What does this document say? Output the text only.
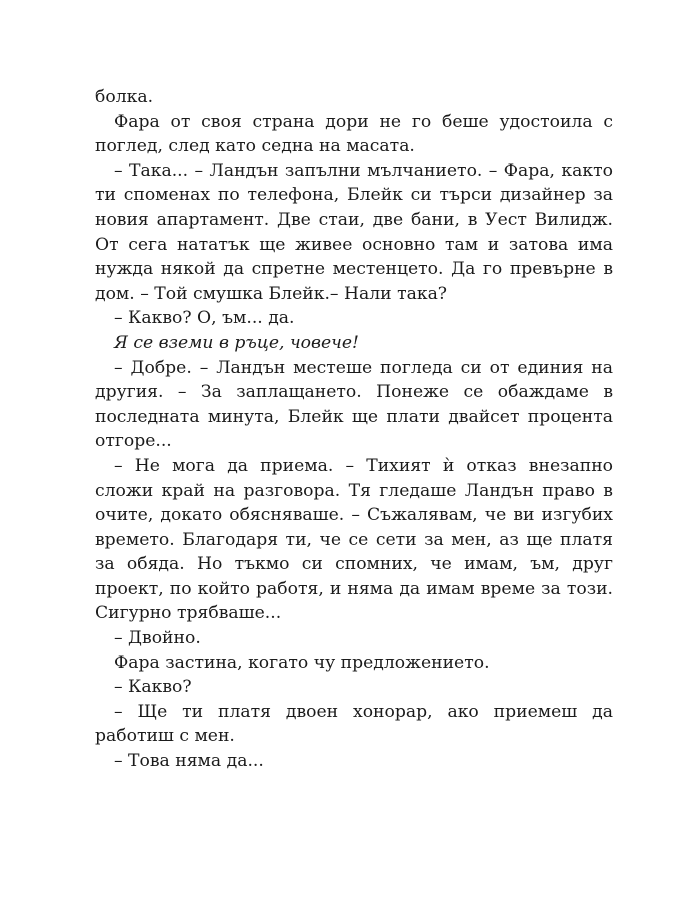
болка.

Фара от своя страна дори не го беше удостоила с поглед, след като седна на масата.

– Така... – Ландън запълни мълчанието. – Фара, както ти споменах по телефона, Блейк си търси дизайнер за новия апартамент. Две стаи, две бани, в Уест Вилидж. От сега нататък ще живее основно там и затова има нужда някой да спретне местенцето. Да го превърне в дом. – Той смушка Блейк.– Нали така?

– Какво? О, ъм... да.

Я се вземи в ръце, човече!

– Добре. – Ландън местеше погледа си от единия на другия. – За заплащането. Понеже се обаждаме в последната минута, Блейк ще плати двайсет процента отгоре...

– Не мога да приема. – Тихият ѝ отказ внезапно сложи край на разговора. Тя гледаше Ландън право в очите, докато обясняваше. – Съжалявам, че ви изгубих времето. Благодаря ти, че се сети за мен, аз ще платя за обяда. Но тъкмо си спомних, че имам, ъм, друг проект, по който работя, и няма да имам време за този. Сигурно трябваше...

– Двойно.

Фара застина, когато чу предложението.

– Какво?

– Ще ти платя двоен хонорар, ако приемеш да работиш с мен.

– Това няма да...
